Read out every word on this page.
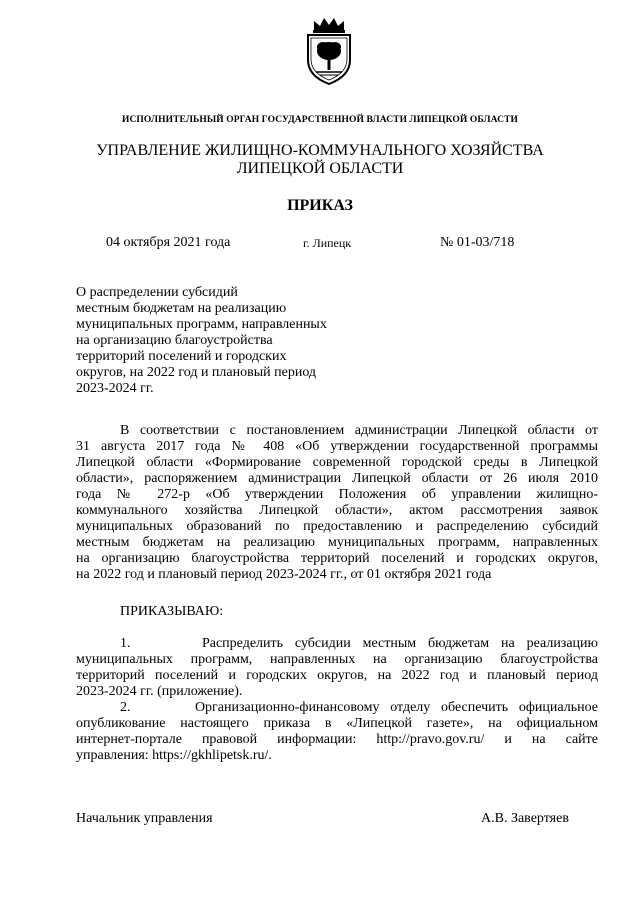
ИСПОЛНИТЕЛЬНЫЙ ОРГАН ГОСУДАРСТВЕННОЙ ВЛАСТИ ЛИПЕЦКОЙ ОБЛАСТИ
УПРАВЛЕНИЕ ЖИЛИЩНО-КОММУНАЛЬНОГО ХОЗЯЙСТВА
ЛИПЕЦКОЙ ОБЛАСТИ
ПРИКАЗ
04 октября 2021 года	г. Липецк	№ 01-03/718
О распределении субсидий
местным бюджетам на реализацию
муниципальных программ, направленных
на организацию благоустройства
территорий поселений и городских
округов, на 2022 год и плановый период
2023-2024 гг.
В соответствии с постановлением администрации Липецкой области от
31 августа 2017 года № 408 «Об утверждении государственной программы
Липецкой области «Формирование современной городской среды в Липецкой
области», распоряжением администрации Липецкой области от 26 июля 2010
года № 272-р «Об утверждении Положения об управлении жилищно-
коммунального хозяйства Липецкой области», актом рассмотрения заявок
муниципальных образований по предоставлению и распределению субсидий
местным бюджетам на реализацию муниципальных программ, направленных
на организацию благоустройства территорий поселений и городских округов,
на 2022 год и плановый период 2023-2024 гг., от 01 октября 2021 года
ПРИКАЗЫВАЮ:
1.      Распределить субсидии местным бюджетам на реализацию
муниципальных программ, направленных на организацию благоустройства
территорий поселений и городских округов, на 2022 год и плановый период
2023-2024 гг. (приложение).
2.      Организационно-финансовому отделу обеспечить официальное
опубликование настоящего приказа в «Липецкой газете», на официальном
интернет-портале правовой информации: http://pravo.gov.ru/ и на сайте
управления: https://gkhlipetsk.ru/.
Начальник управления	А.В. Завертяев
